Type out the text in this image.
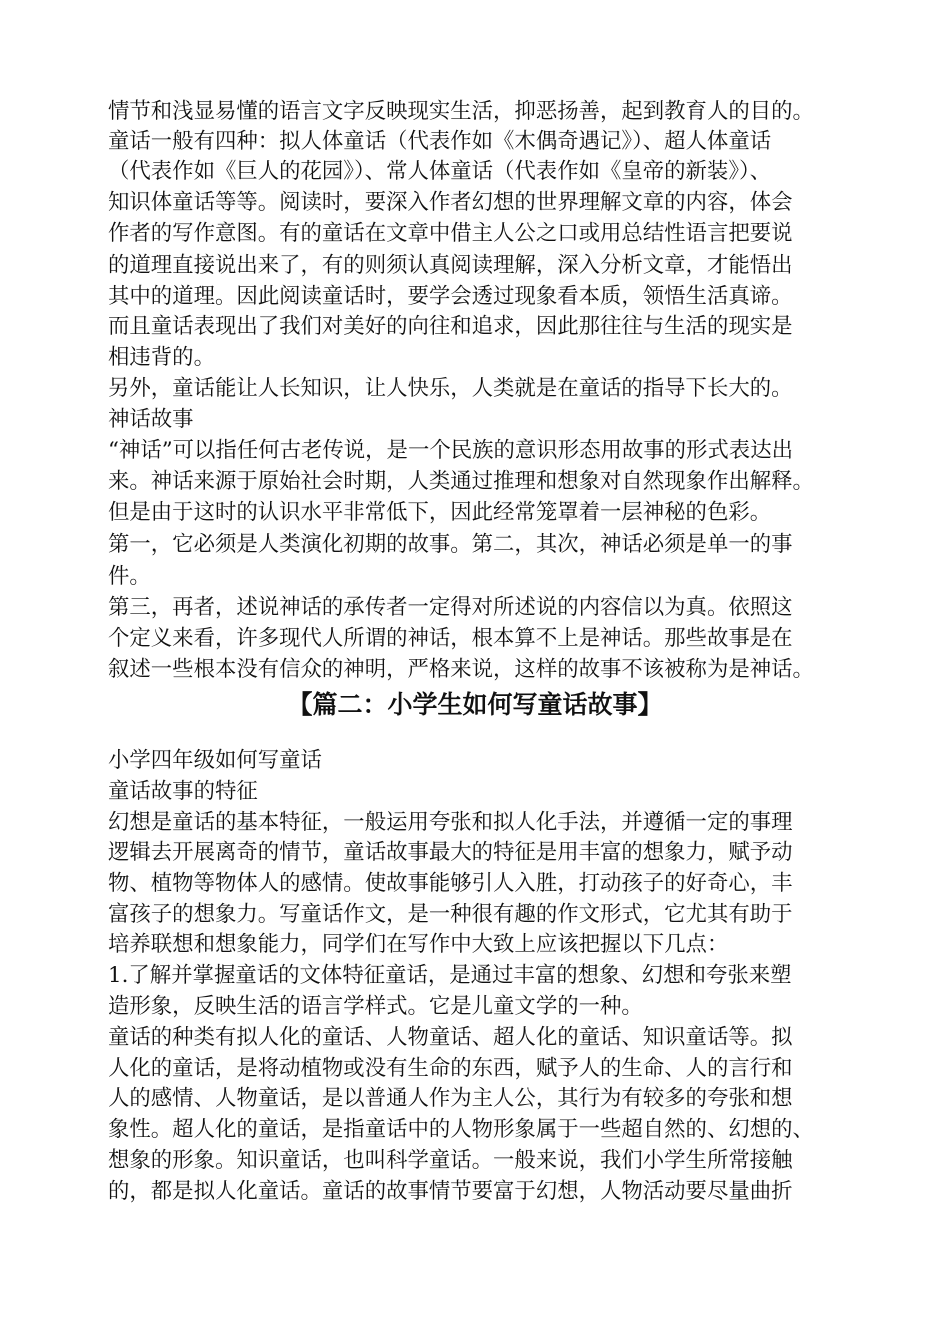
情节和浅显易懂的语言文字反映现实生活，抑恶扬善，起到教育人的目的。
童话一般有四种：拟人体童话（代表作如《木偶奇遇记》）、超人体童话
（代表作如《巨人的花园》）、常人体童话（代表作如《皇帝的新装》）、
知识体童话等等。阅读时，要深入作者幻想的世界理解文章的内容，体会
作者的写作意图。有的童话在文章中借主人公之口或用总结性语言把要说
的道理直接说出来了，有的则须认真阅读理解，深入分析文章，才能悟出
其中的道理。因此阅读童话时，要学会透过现象看本质，领悟生活真谛。
而且童话表现出了我们对美好的向往和追求，因此那往往与生活的现实是
相违背的。
另外，童话能让人长知识，让人快乐，人类就是在童话的指导下长大的。
神话故事
“神话”可以指任何古老传说，是一个民族的意识形态用故事的形式表达出
来。神话来源于原始社会时期，人类通过推理和想象对自然现象作出解释。
但是由于这时的认识水平非常低下，因此经常笼罩着一层神秘的色彩。
第一，它必须是人类演化初期的故事。第二，其次，神话必须是单一的事
件。
第三，再者，述说神话的承传者一定得对所述说的内容信以为真。依照这
个定义来看，许多现代人所谓的神话，根本算不上是神话。那些故事是在
叙述一些根本没有信众的神明，严格来说，这样的故事不该被称为是神话。
【篇二：小学生如何写童话故事】
小学四年级如何写童话
童话故事的特征
幻想是童话的基本特征，一般运用夸张和拟人化手法，并遵循一定的事理
逻辑去开展离奇的情节，童话故事最大的特征是用丰富的想象力，赋予动
物、植物等物体人的感情。使故事能够引人入胜，打动孩子的好奇心，丰
富孩子的想象力。写童话作文，是一种很有趣的作文形式，它尤其有助于
培养联想和想象能力，同学们在写作中大致上应该把握以下几点：
1.了解并掌握童话的文体特征童话，是通过丰富的想象、幻想和夸张来塑
造形象，反映生活的语言学样式。它是儿童文学的一种。
童话的种类有拟人化的童话、人物童话、超人化的童话、知识童话等。拟
人化的童话，是将动植物或没有生命的东西，赋予人的生命、人的言行和
人的感情、人物童话，是以普通人作为主人公，其行为有较多的夸张和想
象性。超人化的童话，是指童话中的人物形象属于一些超自然的、幻想的、
想象的形象。知识童话，也叫科学童话。一般来说，我们小学生所常接触
的，都是拟人化童话。童话的故事情节要富于幻想，人物活动要尽量曲折
